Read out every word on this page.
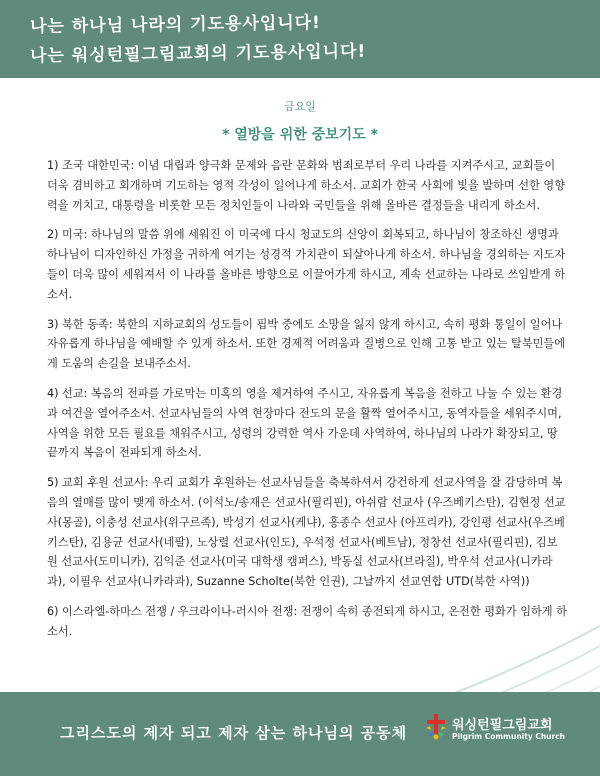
나는 하나님 나라의 기도용사입니다!
나는 워싱턴필그림교회의 기도용사입니다!
금요일
* 열방을 위한 중보기도 *

1) 조국 대한민국: 이념 대립과 양극화 문제와 음란 문화와 범죄로부터 우리 나라를 지켜주시고, 교회들이 더욱 겸비하고 회개하며 기도하는 영적 각성이 일어나게 하소서. 교회가 한국 사회에 빛을 발하며 선한 영향력을 끼치고, 대통령을 비롯한 모든 정치인들이 나라와 국민들을 위해 올바른 결정들을 내리게 하소서.

2) 미국: 하나님의 말씀 위에 세워진 이 미국에 다시 청교도의 신앙이 회복되고, 하나님이 창조하신 생명과 하나님이 디자인하신 가정을 귀하게 여기는 성경적 가치관이 되살아나게 하소서. 하나님을 경외하는 지도자들이 더욱 많이 세워져서 이 나라를 올바른 방향으로 이끌어가게 하시고, 계속 선교하는 나라로 쓰임받게 하소서.

3) 북한 동족: 북한의 지하교회의 성도들이 핍박 중에도 소망을 잃지 않게 하시고, 속히 평화 통일이 일어나 자유롭게 하나님을 예배할 수 있게 하소서. 또한 경제적 어려움과 질병으로 인해 고통 받고 있는 탈북민들에게 도움의 손길을 보내주소서.

4) 선교: 복음의 전파를 가로막는 미혹의 영을 제거하여 주시고, 자유롭게 복음을 전하고 나눌 수 있는 환경과 여건을 열어주소서. 선교사님들의 사역 현장마다 전도의 문을 활짝 열어주시고, 동역자들을 세워주시며, 사역을 위한 모든 필요를 채워주시고, 성령의 강력한 역사 가운데 사역하여, 하나님의 나라가 확장되고, 땅끝까지 복음이 전파되게 하소서.

5) 교회 후원 선교사: 우리 교회가 후원하는 선교사님들을 축복하셔서 강건하게 선교사역을 잘 감당하며 복음의 열매를 많이 맺게 하소서. (이석노/송재은 선교사(필리핀), 아쉬람 선교사 (우즈베키스탄), 김현정 선교사(몽골), 이충성 선교사(위구르족), 박성기 선교사(케냐), 홍종수 선교사 (아프리카), 강인평 선교사(우즈베키스탄), 김용균 선교사(네팔), 노상렬 선교사(인도), 우석정 선교사(베트남), 정창선 선교사(필리핀), 김보원 선교사(도미니카), 김익준 선교사(미국 대학생 캠퍼스), 박동실 선교사(브라질), 박우석 선교사(니카라과), 이필우 선교사(니카라과), Suzanne Scholte(북한 인권), 그날까지 선교연합 UTD(북한 사역))

6) 이스라엘-하마스 전쟁 / 우크라이나-러시아 전쟁: 전쟁이 속히 종전되게 하시고, 온전한 평화가 임하게 하소서.

그리스도의 제자 되고 제자 삼는 하나님의 공동체	워싱턴필그림교회
Pilgrim Community Church
